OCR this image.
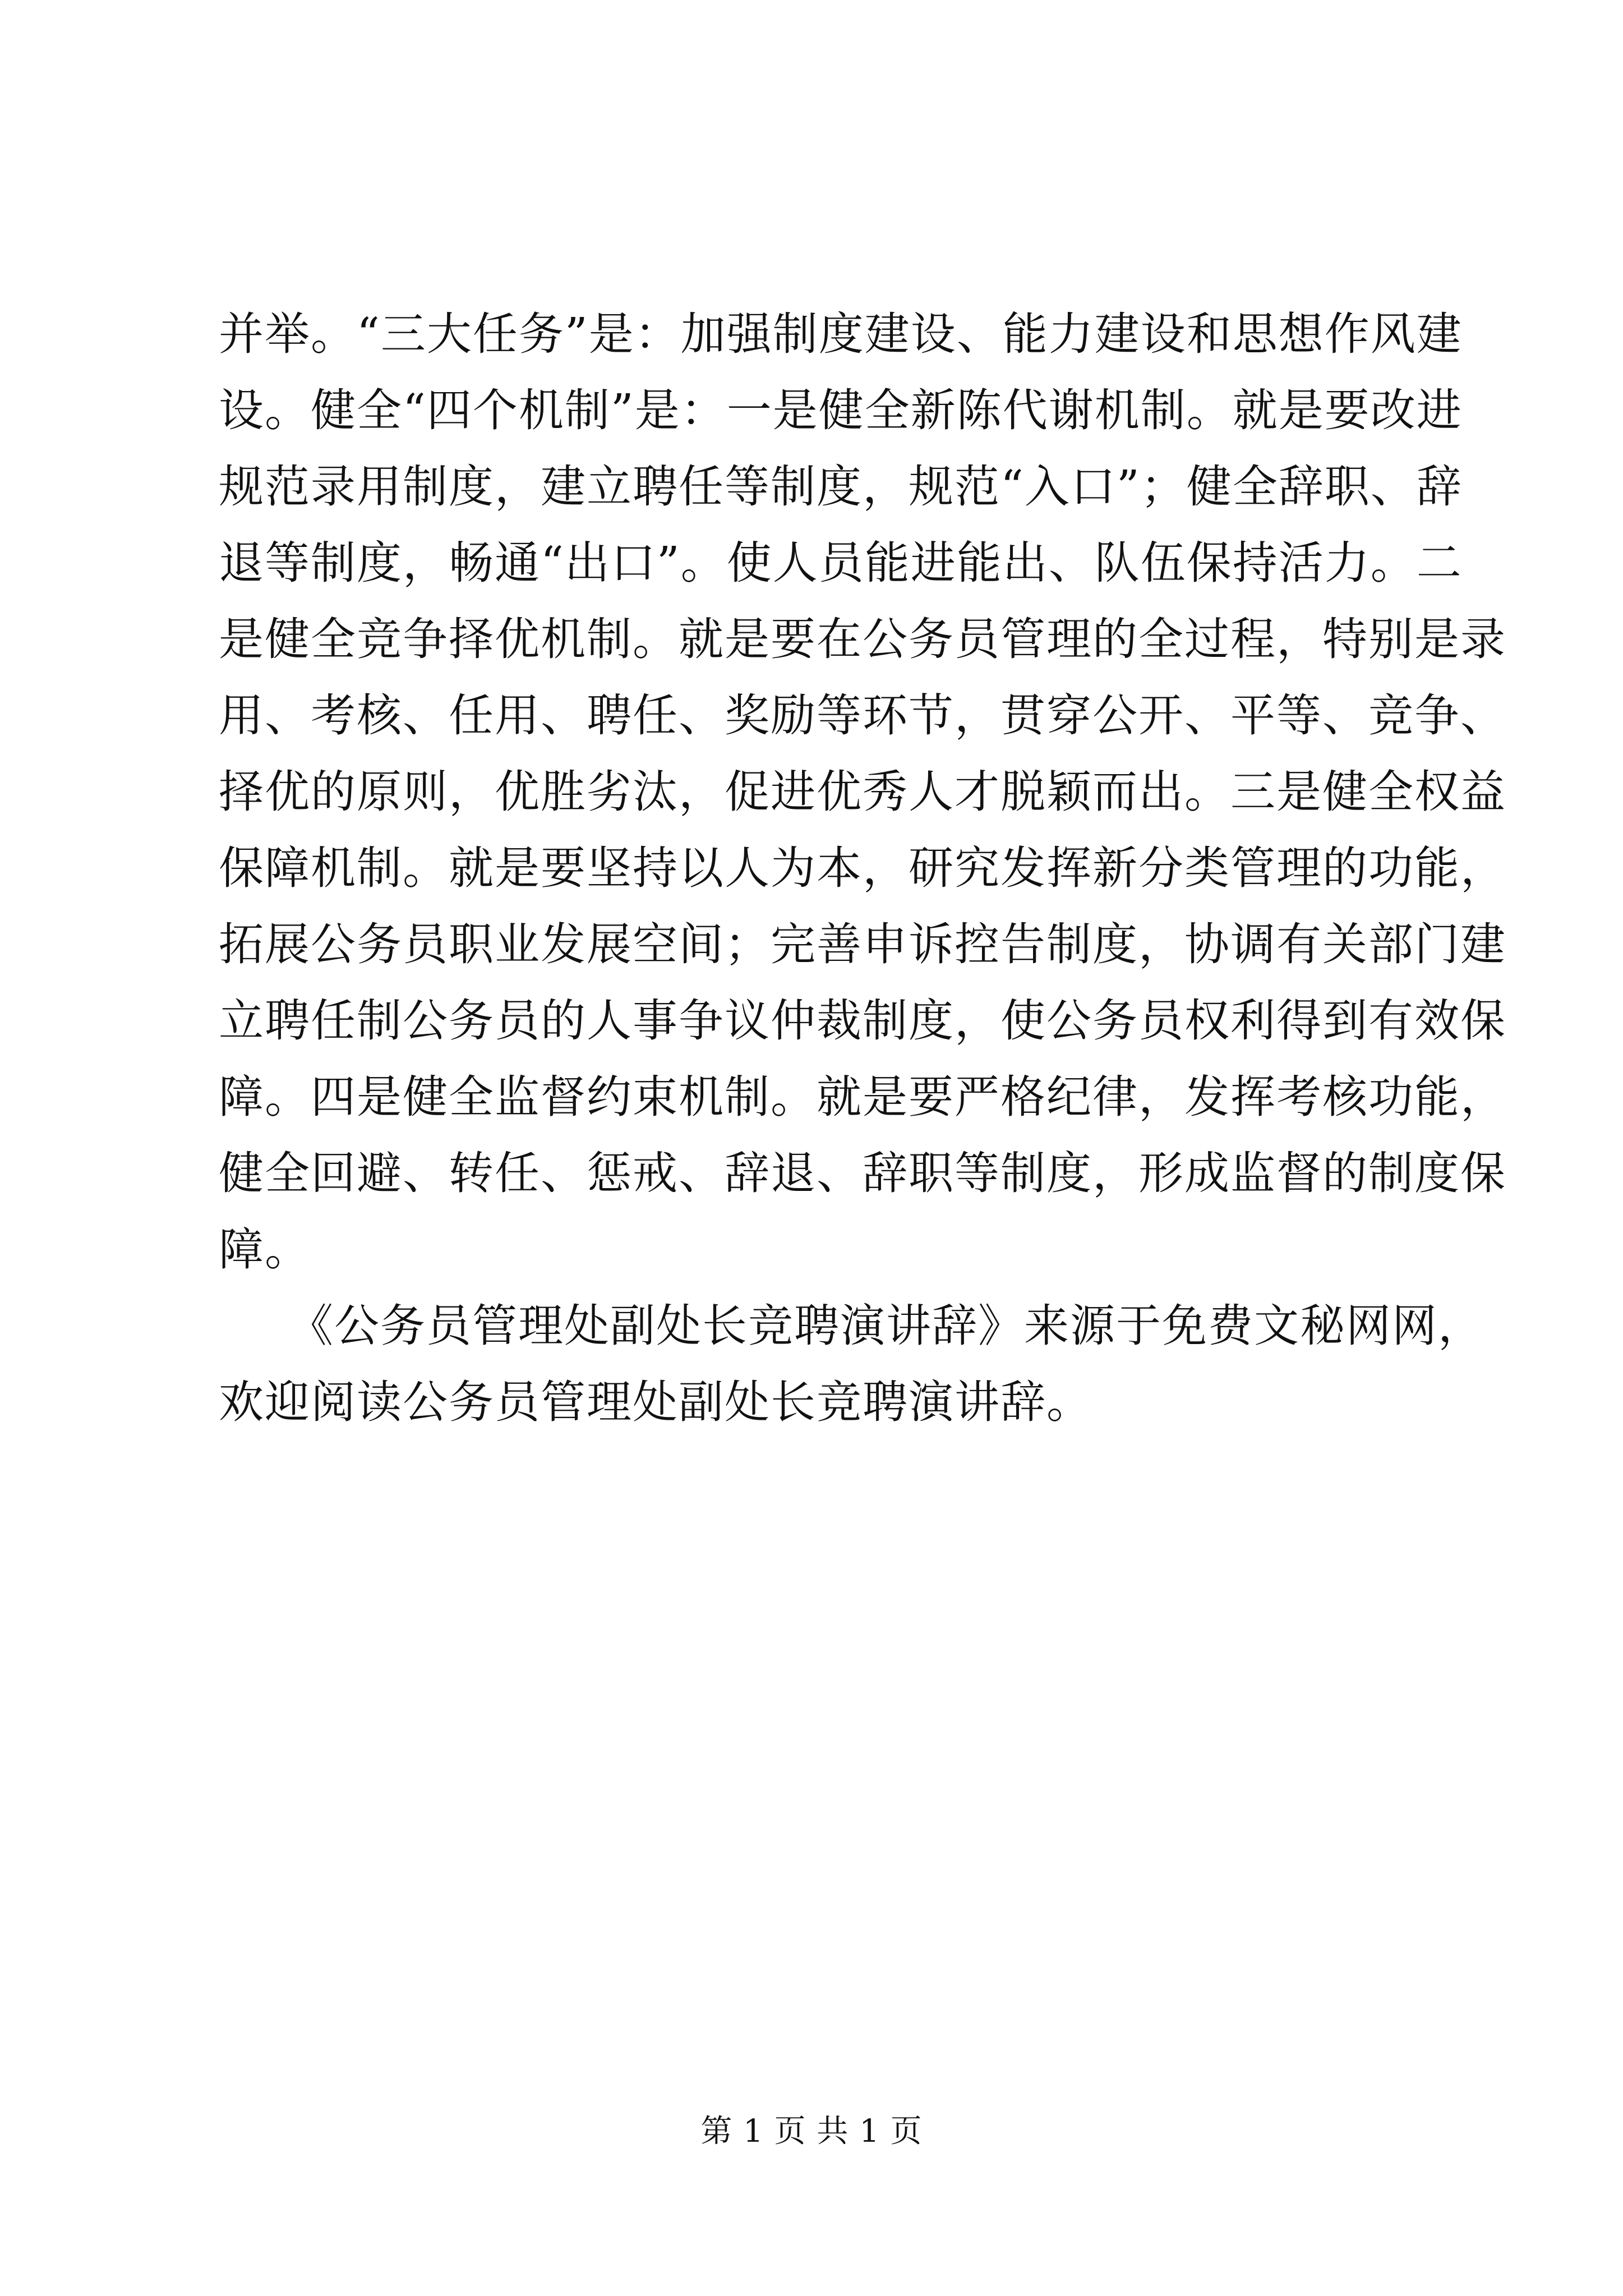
并举。“三大任务”是：加强制度建设、能力建设和思想作风建
设。健全“四个机制”是：一是健全新陈代谢机制。就是要改进
规范录用制度，建立聘任等制度，规范“入口”；健全辞职、辞
退等制度，畅通“出口”。使人员能进能出、队伍保持活力。二
是健全竞争择优机制。就是要在公务员管理的全过程，特别是录
用、考核、任用、聘任、奖励等环节，贯穿公开、平等、竞争、
择优的原则，优胜劣汰，促进优秀人才脱颖而出。三是健全权益
保障机制。就是要坚持以人为本，研究发挥新分类管理的功能，
拓展公务员职业发展空间；完善申诉控告制度，协调有关部门建
立聘任制公务员的人事争议仲裁制度，使公务员权利得到有效保
障。四是健全监督约束机制。就是要严格纪律，发挥考核功能，
健全回避、转任、惩戒、辞退、辞职等制度，形成监督的制度保
障。
　　《公务员管理处副处长竞聘演讲辞》来源于免费文秘网网，
欢迎阅读公务员管理处副处长竞聘演讲辞。
第 1 页 共 1 页
